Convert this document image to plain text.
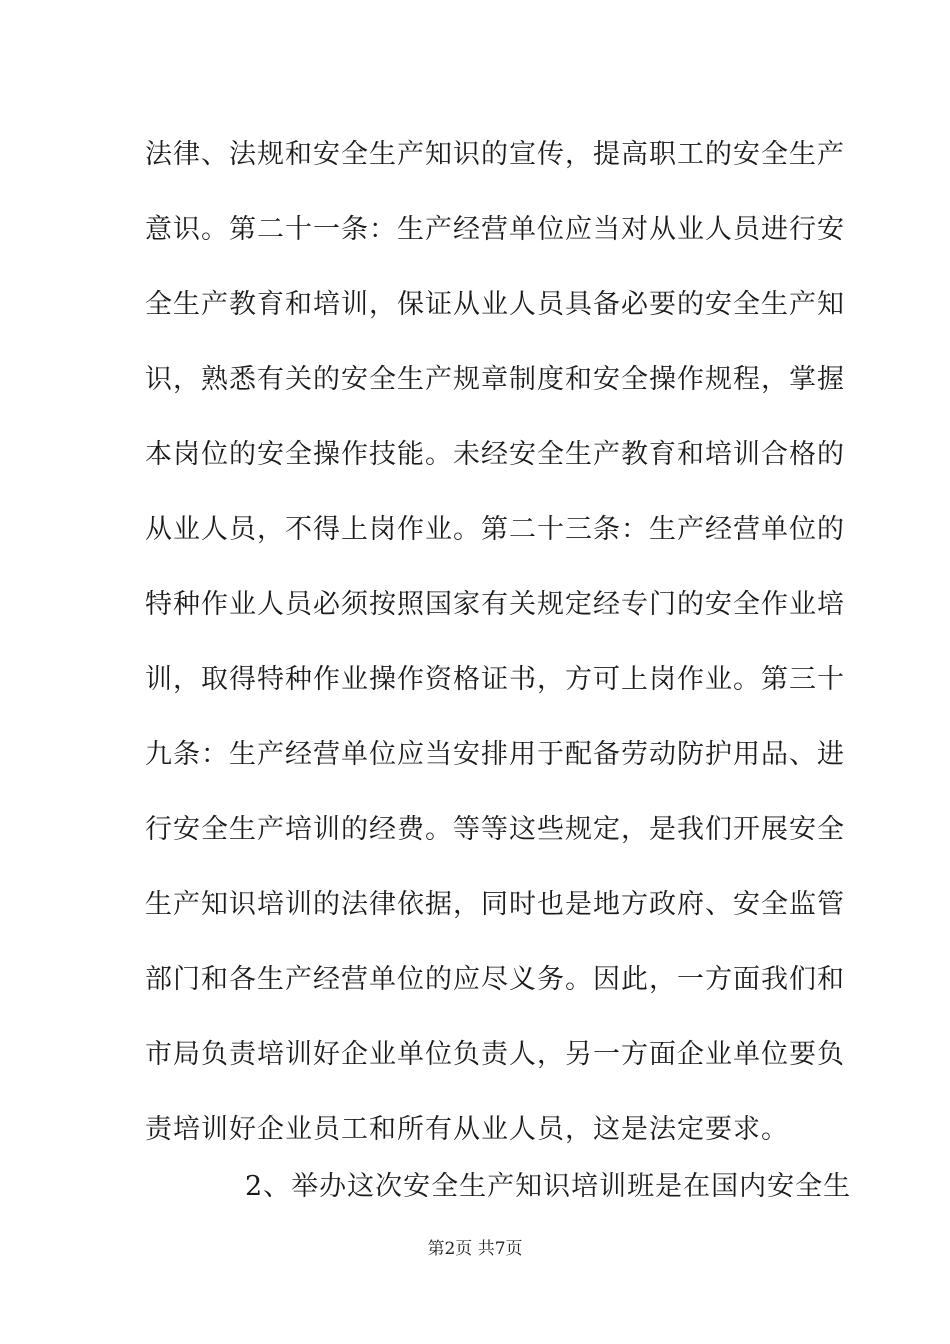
法律、法规和安全生产知识的宣传，提高职工的安全生产
意识。第二十一条：生产经营单位应当对从业人员进行安
全生产教育和培训，保证从业人员具备必要的安全生产知
识，熟悉有关的安全生产规章制度和安全操作规程，掌握
本岗位的安全操作技能。未经安全生产教育和培训合格的
从业人员，不得上岗作业。第二十三条：生产经营单位的
特种作业人员必须按照国家有关规定经专门的安全作业培
训，取得特种作业操作资格证书，方可上岗作业。第三十
九条：生产经营单位应当安排用于配备劳动防护用品、进
行安全生产培训的经费。等等这些规定，是我们开展安全
生产知识培训的法律依据，同时也是地方政府、安全监管
部门和各生产经营单位的应尽义务。因此，一方面我们和
市局负责培训好企业单位负责人，另一方面企业单位要负
责培训好企业员工和所有从业人员，这是法定要求。
2、举办这次安全生产知识培训班是在国内安全生
第2页 共7页
